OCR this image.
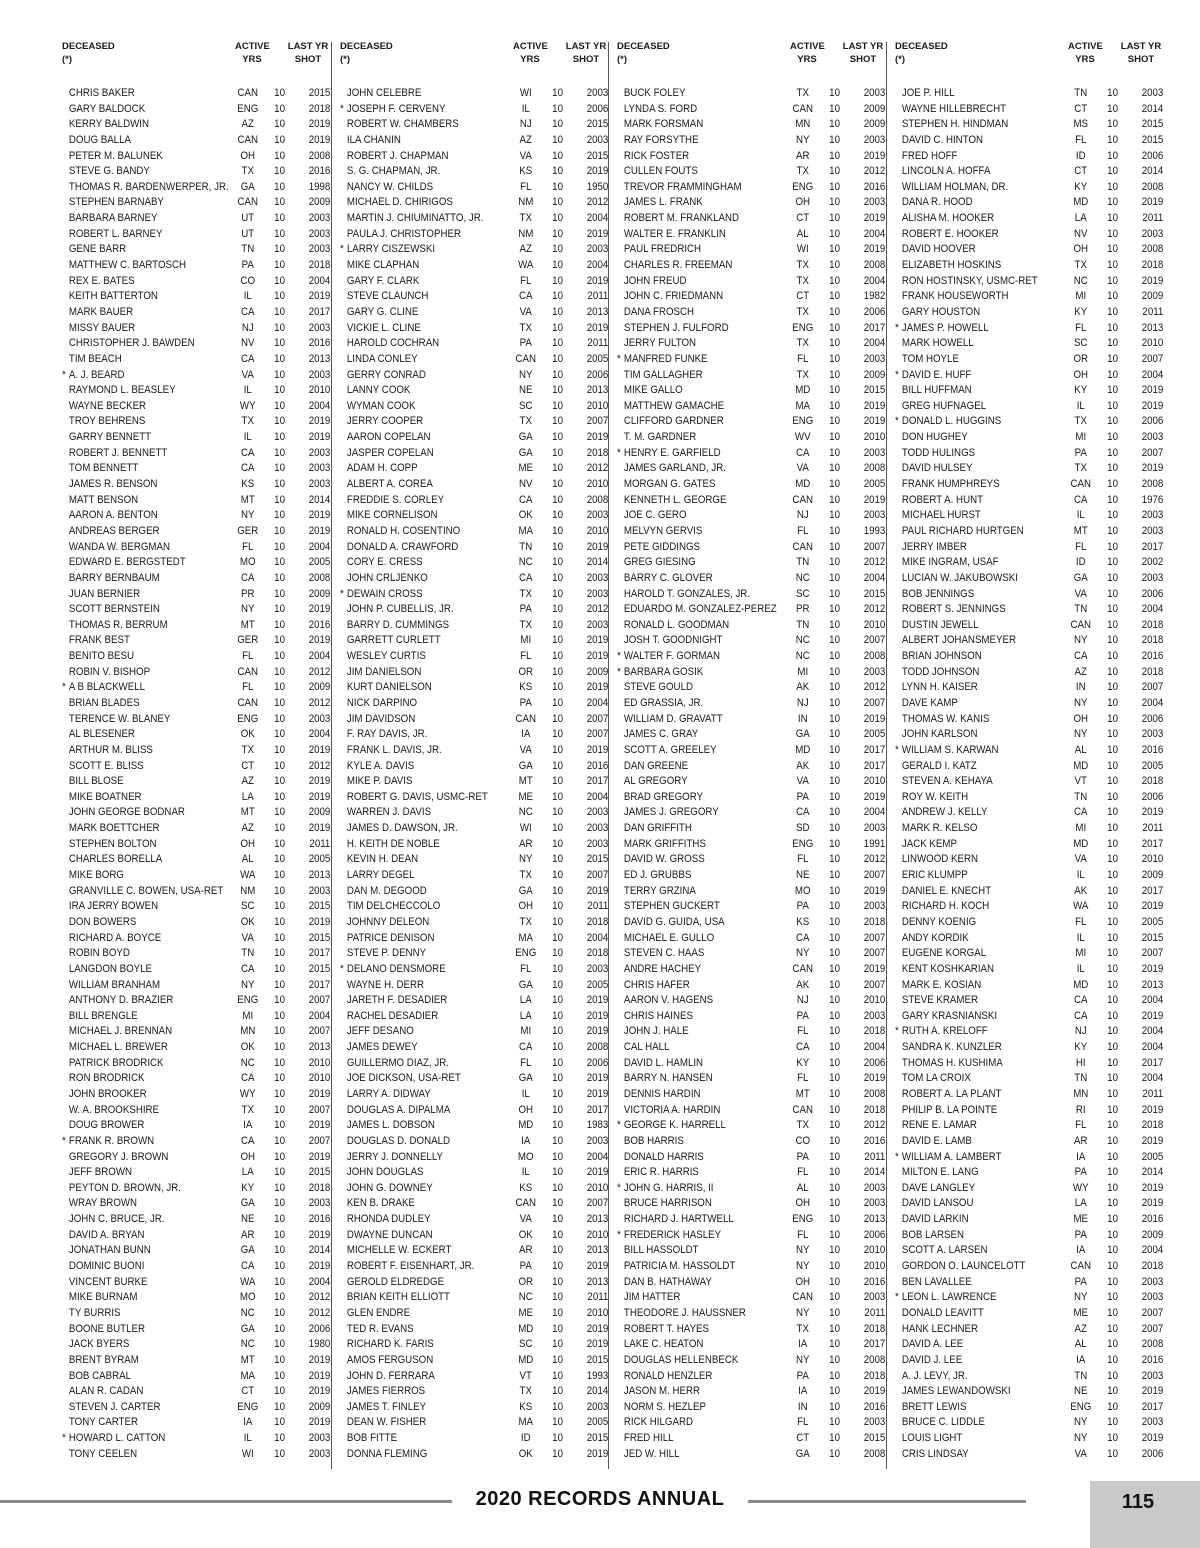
DECEASED
(*)
ACTIVE
YRS
LAST YR
SHOT
CHRIS BAKER	CAN 10	2015
GARY BALDOCK	ENG 10	2018
KERRY BALDWIN	AZ	10	2019
DOUG BALLA	CAN 10	2019
PETER M. BALUNEK	OH	10	2008
STEVE G. BANDY	TX	10	2016
THOMAS R. BARDENWERPER, JR.	GA	10	1998
STEPHEN BARNABY	CAN 10	2009
BARBARA BARNEY	UT	10	2003
ROBERT L. BARNEY	UT	10	2003
GENE BARR	TN	10	2003
MATTHEW C. BARTOSCH	PA	10	2018
REX E. BATES	CO	10	2004
KEITH BATTERTON	IL	10	2019
MARK BAUER	CA	10	2017
MISSY BAUER	NJ	10	2003
CHRISTOPHER J. BAWDEN	NV	10	2016
TIM BEACH	CA	10	2013
* A. J. BEARD	VA	10	2003
RAYMOND L. BEASLEY	IL	10	2010
WAYNE BECKER	WY	10	2004
TROY BEHRENS	TX	10	2019
GARRY BENNETT	IL	10	2019
ROBERT J. BENNETT	CA	10	2003
TOM BENNETT	CA	10	2003
JAMES R. BENSON	KS	10	2003
MATT BENSON	MT	10	2014
AARON A. BENTON	NY	10	2019
ANDREAS BERGER	GER 10	2019
WANDA W. BERGMAN	FL	10	2004
EDWARD E. BERGSTEDT	MO	10	2005
BARRY BERNBAUM	CA	10	2008
JUAN BERNIER	PR	10	2009
SCOTT BERNSTEIN	NY	10	2019
THOMAS R. BERRUM	MT	10	2016
FRANK BEST	GER 10	2019
BENITO BESU	FL	10	2004
ROBIN V. BISHOP	CAN 10	2012
* A B BLACKWELL	FL	10	2009
BRIAN BLADES	CAN 10	2012
TERENCE W. BLANEY	ENG 10	2003
AL BLESENER	OK	10	2004
ARTHUR M. BLISS	TX	10	2019
SCOTT E. BLISS	CT	10	2012
BILL BLOSE	AZ	10	2019
MIKE BOATNER	LA	10	2019
JOHN GEORGE BODNAR	MT	10	2009
MARK BOETTCHER	AZ	10	2019
STEPHEN BOLTON	OH	10	2011
CHARLES BORELLA	AL	10	2005
MIKE BORG	WA	10	2013
GRANVILLE C. BOWEN, USA-RET	NM	10	2003
IRA JERRY BOWEN	SC	10	2015
DON BOWERS	OK	10	2019
RICHARD A. BOYCE	VA	10	2015
ROBIN BOYD	TN	10	2017
LANGDON BOYLE	CA	10	2015
WILLIAM BRANHAM	NY	10	2017
ANTHONY D. BRAZIER	ENG 10	2007
BILL BRENGLE	MI	10	2004
MICHAEL J. BRENNAN	MN	10	2007
MICHAEL L. BREWER	OK	10	2013
PATRICK BRODRICK	NC	10	2010
RON BRODRICK	CA	10	2010
JOHN BROOKER	WY	10	2019
W. A. BROOKSHIRE	TX	10	2007
DOUG BROWER	IA	10	2019
* FRANK R. BROWN	CA	10	2007
GREGORY J. BROWN	OH	10	2019
JEFF BROWN	LA	10	2015
PEYTON D. BROWN, JR.	KY	10	2018
WRAY BROWN	GA	10	2003
JOHN C. BRUCE, JR.	NE	10	2016
DAVID A. BRYAN	AR	10	2019
JONATHAN BUNN	GA	10	2014
DOMINIC BUONI	CA	10	2019
VINCENT BURKE	WA	10	2004
MIKE BURNAM	MO	10	2012
TY BURRIS	NC	10	2012
BOONE BUTLER	GA	10	2006
JACK BYERS	NC	10	1980
BRENT BYRAM	MT	10	2019
BOB CABRAL	MA	10	2019
ALAN R. CADAN	CT	10	2019
STEVEN J. CARTER	ENG 10	2009
TONY CARTER	IA	10	2019
* HOWARD L. CATTON	IL	10	2003
TONY CEELEN	WI	10	2003
DECEASED
(*)
ACTIVE
YRS
LAST YR
SHOT
JOHN CELEBRE	WI	10	2003
* JOSEPH F. CERVENY	IL	10	2006
ROBERT W. CHAMBERS	NJ	10	2015
ILA CHANIN	AZ	10	2003
ROBERT J. CHAPMAN	VA	10	2015
S. G. CHAPMAN, JR.	KS	10	2019
NANCY W. CHILDS	FL	10	1950
MICHAEL D. CHIRIGOS	NM	10	2012
MARTIN J. CHIUMINATTO, JR.	TX	10	2004
PAULA J. CHRISTOPHER	NM	10	2019
* LARRY CISZEWSKI	AZ	10	2003
MIKE CLAPHAN	WA	10	2004
GARY F. CLARK	FL	10	2019
STEVE CLAUNCH	CA	10	2011
GARY G. CLINE	VA	10	2013
VICKIE L. CLINE	TX	10	2019
HAROLD COCHRAN	PA	10	2011
LINDA CONLEY	CAN 10	2005
GERRY CONRAD	NY	10	2006
LANNY COOK	NE	10	2013
WYMAN COOK	SC	10	2010
JERRY COOPER	TX	10	2007
AARON COPELAN	GA	10	2019
JASPER COPELAN	GA	10	2018
ADAM H. COPP	ME	10	2012
ALBERT A. COREA	NV	10	2010
FREDDIE S. CORLEY	CA	10	2008
MIKE CORNELISON	OK	10	2003
RONALD H. COSENTINO	MA	10	2010
DONALD A. CRAWFORD	TN	10	2019
CORY E. CRESS	NC	10	2014
JOHN CRLJENKO	CA	10	2003
* DEWAIN CROSS	TX	10	2003
JOHN P. CUBELLIS, JR.	PA	10	2012
BARRY D. CUMMINGS	TX	10	2003
GARRETT CURLETT	MI	10	2019
WESLEY CURTIS	FL	10	2019
JIM DANIELSON	OR	10	2009
KURT DANIELSON	KS	10	2019
NICK DARPINO	PA	10	2004
JIM DAVIDSON	CAN 10	2007
F. RAY DAVIS, JR.	IA	10	2007
FRANK L. DAVIS, JR.	VA	10	2019
KYLE A. DAVIS	GA	10	2016
MIKE P. DAVIS	MT	10	2017
ROBERT G. DAVIS, USMC-RET	ME	10	2004
WARREN J. DAVIS	NC	10	2003
JAMES D. DAWSON, JR.	WI	10	2003
H. KEITH DE NOBLE	AR	10	2003
KEVIN H. DEAN	NY	10	2015
LARRY DEGEL	TX	10	2007
DAN M. DEGOOD	GA	10	2019
TIM DELCHECCOLO	OH	10	2011
JOHNNY DELEON	TX	10	2018
PATRICE DENISON	MA	10	2004
STEVE P. DENNY	ENG 10	2018
* DELANO DENSMORE	FL	10	2003
WAYNE H. DERR	GA	10	2005
JARETH F. DESADIER	LA	10	2019
RACHEL DESADIER	LA	10	2019
JEFF DESANO	MI	10	2019
JAMES DEWEY	CA	10	2008
GUILLERMO DIAZ, JR.	FL	10	2006
JOE DICKSON, USA-RET	GA	10	2019
LARRY A. DIDWAY	IL	10	2019
DOUGLAS A. DIPALMA	OH	10	2017
JAMES L. DOBSON	MD	10	1983
DOUGLAS D. DONALD	IA	10	2003
JERRY J. DONNELLY	MO	10	2004
JOHN DOUGLAS	IL	10	2019
JOHN G. DOWNEY	KS	10	2010
KEN B. DRAKE	CAN 10	2007
RHONDA DUDLEY	VA	10	2013
DWAYNE DUNCAN	OK	10	2010
MICHELLE W. ECKERT	AR	10	2013
ROBERT F. EISENHART, JR.	PA	10	2019
GEROLD ELDREDGE	OR	10	2013
BRIAN KEITH ELLIOTT	NC	10	2011
GLEN ENDRE	ME	10	2010
TED R. EVANS	MD	10	2019
RICHARD K. FARIS	SC	10	2019
AMOS FERGUSON	MD	10	2015
JOHN D. FERRARA	VT	10	1993
JAMES FIERROS	TX	10	2014
JAMES T. FINLEY	KS	10	2003
DEAN W. FISHER	MA	10	2005
BOB FITTE	ID	10	2015
DONNA FLEMING	OK	10	2019
DECEASED
(*)
ACTIVE
YRS
LAST YR
SHOT
BUCK FOLEY	TX	10	2003
LYNDA S. FORD	CAN 10	2009
MARK FORSMAN	MN	10	2009
RAY FORSYTHE	NY	10	2003
RICK FOSTER	AR	10	2019
CULLEN FOUTS	TX	10	2012
TREVOR FRAMMINGHAM	ENG 10	2016
JAMES L. FRANK	OH	10	2003
ROBERT M. FRANKLAND	CT	10	2019
WALTER E. FRANKLIN	AL	10	2004
PAUL FREDRICH	WI	10	2019
CHARLES R. FREEMAN	TX	10	2008
JOHN FREUD	TX	10	2004
JOHN C. FRIEDMANN	CT	10	1982
DANA FROSCH	TX	10	2006
STEPHEN J. FULFORD	ENG 10	2017
JERRY FULTON	TX	10	2004
* MANFRED FUNKE	FL	10	2003
TIM GALLAGHER	TX	10	2009
MIKE GALLO	MD	10	2015
MATTHEW GAMACHE	MA	10	2019
CLIFFORD GARDNER	ENG 10	2019
T. M. GARDNER	WV	10	2010
* HENRY E. GARFIELD	CA	10	2003
JAMES GARLAND, JR.	VA	10	2008
MORGAN G. GATES	MD	10	2005
KENNETH L. GEORGE	CAN 10	2019
JOE C. GERO	NJ	10	2003
MELVYN GERVIS	FL	10	1993
PETE GIDDINGS	CAN 10	2007
GREG GIESING	TN	10	2012
BARRY C. GLOVER	NC	10	2004
HAROLD T. GONZALES, JR.	SC	10	2015
EDUARDO M. GONZALEZ-PEREZ	PR	10	2012
RONALD L. GOODMAN	TN	10	2010
JOSH T. GOODNIGHT	NC	10	2007
* WALTER F. GORMAN	NC	10	2008
* BARBARA GOSIK	MI	10	2003
STEVE GOULD	AK	10	2012
ED GRASSIA, JR.	NJ	10	2007
WILLIAM D. GRAVATT	IN	10	2019
JAMES C. GRAY	GA	10	2005
SCOTT A. GREELEY	MD	10	2017
DAN GREENE	AK	10	2017
AL GREGORY	VA	10	2010
BRAD GREGORY	PA	10	2019
JAMES J. GREGORY	CA	10	2004
DAN GRIFFITH	SD	10	2003
MARK GRIFFITHS	ENG 10	1991
DAVID W. GROSS	FL	10	2012
ED J. GRUBBS	NE	10	2007
TERRY GRZINA	MO	10	2019
STEPHEN GUCKERT	PA	10	2003
DAVID G. GUIDA, USA	KS	10	2018
MICHAEL E. GULLO	CA	10	2007
STEVEN C. HAAS	NY	10	2007
ANDRE HACHEY	CAN 10	2019
CHRIS HAFER	AK	10	2007
AARON V. HAGENS	NJ	10	2010
CHRIS HAINES	PA	10	2003
JOHN J. HALE	FL	10	2018
CAL HALL	CA	10	2004
DAVID L. HAMLIN	KY	10	2006
BARRY N. HANSEN	FL	10	2019
DENNIS HARDIN	MT	10	2008
VICTORIA A. HARDIN	CAN 10	2018
* GEORGE K. HARRELL	TX	10	2012
BOB HARRIS	CO	10	2016
DONALD HARRIS	PA	10	2011
ERIC R. HARRIS	FL	10	2014
* JOHN G. HARRIS, II	AL	10	2003
BRUCE HARRISON	OH	10	2003
RICHARD J. HARTWELL	ENG 10	2013
* FREDERICK HASLEY	FL	10	2006
BILL HASSOLDT	NY	10	2010
PATRICIA M. HASSOLDT	NY	10	2010
DAN B. HATHAWAY	OH	10	2016
JIM HATTER	CAN 10	2003
THEODORE J. HAUSSNER	NY	10	2011
ROBERT T. HAYES	TX	10	2018
LAKE C. HEATON	IA	10	2017
DOUGLAS HELLENBECK	NY	10	2008
RONALD HENZLER	PA	10	2018
JASON M. HERR	IA	10	2019
NORM S. HEZLEP	IN	10	2016
RICK HILGARD	FL	10	2003
FRED HILL	CT	10	2015
JED W. HILL	GA	10	2008
DECEASED
(*)
ACTIVE
YRS
LAST YR
SHOT
JOE P. HILL	TN	10	2003
WAYNE HILLEBRECHT	CT	10	2014
STEPHEN H. HINDMAN	MS	10	2015
DAVID C. HINTON	FL	10	2015
FRED HOFF	ID	10	2006
LINCOLN A. HOFFA	CT	10	2014
WILLIAM HOLMAN, DR.	KY	10	2008
DANA R. HOOD	MD	10	2019
ALISHA M. HOOKER	LA	10	2011
ROBERT E. HOOKER	NV	10	2003
DAVID HOOVER	OH	10	2008
ELIZABETH HOSKINS	TX	10	2018
RON HOSTINSKY, USMC-RET	NC	10	2019
FRANK HOUSEWORTH	MI	10	2009
GARY HOUSTON	KY	10	2011
* JAMES P. HOWELL	FL	10	2013
MARK HOWELL	SC	10	2010
TOM HOYLE	OR	10	2007
* DAVID E. HUFF	OH	10	2004
BILL HUFFMAN	KY	10	2019
GREG HUFNAGEL	IL	10	2019
* DONALD L. HUGGINS	TX	10	2006
DON HUGHEY	MI	10	2003
TODD HULINGS	PA	10	2007
DAVID HULSEY	TX	10	2019
FRANK HUMPHREYS	CAN 10	2008
ROBERT A. HUNT	CA	10	1976
MICHAEL HURST	IL	10	2003
PAUL RICHARD HURTGEN	MT	10	2003
JERRY IMBER	FL	10	2017
MIKE INGRAM, USAF	ID	10	2002
LUCIAN W. JAKUBOWSKI	GA	10	2003
BOB JENNINGS	VA	10	2006
ROBERT S. JENNINGS	TN	10	2004
DUSTIN JEWELL	CAN 10	2018
ALBERT JOHANSMEYER	NY	10	2018
BRIAN JOHNSON	CA	10	2016
TODD JOHNSON	AZ	10	2018
LYNN H. KAISER	IN	10	2007
DAVE KAMP	NY	10	2004
THOMAS W. KANIS	OH	10	2006
JOHN KARLSON	NY	10	2003
* WILLIAM S. KARWAN	AL	10	2016
GERALD I. KATZ	MD	10	2005
STEVEN A. KEHAYA	VT	10	2018
ROY W. KEITH	TN	10	2006
ANDREW J. KELLY	CA	10	2019
MARK R. KELSO	MI	10	2011
JACK KEMP	MD	10	2017
LINWOOD KERN	VA	10	2010
ERIC KLUMPP	IL	10	2009
DANIEL E. KNECHT	AK	10	2017
RICHARD H. KOCH	WA	10	2019
DENNY KOENIG	FL	10	2005
ANDY KORDIK	IL	10	2015
EUGENE KORGAL	MI	10	2007
KENT KOSHKARIAN	IL	10	2019
MARK E. KOSIAN	MD	10	2013
STEVE KRAMER	CA	10	2004
GARY KRASNIANSKI	CA	10	2019
* RUTH A. KRELOFF	NJ	10	2004
SANDRA K. KUNZLER	KY	10	2004
THOMAS H. KUSHIMA	HI	10	2017
TOM LA CROIX	TN	10	2004
ROBERT A. LA PLANT	MN	10	2011
PHILIP B. LA POINTE	RI	10	2019
RENE E. LAMAR	FL	10	2018
DAVID E. LAMB	AR	10	2019
* WILLIAM A. LAMBERT	IA	10	2005
MILTON E. LANG	PA	10	2014
DAVE LANGLEY	WY	10	2019
DAVID LANSOU	LA	10	2019
DAVID LARKIN	ME	10	2016
BOB LARSEN	PA	10	2009
SCOTT A. LARSEN	IA	10	2004
GORDON O. LAUNCELOTT	CAN 10	2018
BEN LAVALLEE	PA	10	2003
* LEON L. LAWRENCE	NY	10	2003
DONALD LEAVITT	ME	10	2007
HANK LECHNER	AZ	10	2007
DAVID A. LEE	AL	10	2008
DAVID J. LEE	IA	10	2016
A. J. LEVY, JR.	TN	10	2003
JAMES LEWANDOWSKI	NE	10	2019
BRETT LEWIS	ENG 10	2017
BRUCE C. LIDDLE	NY	10	2003
LOUIS LIGHT	NY	10	2019
CRIS LINDSAY	VA	10	2006
2020 RECORDS ANNUAL	115
